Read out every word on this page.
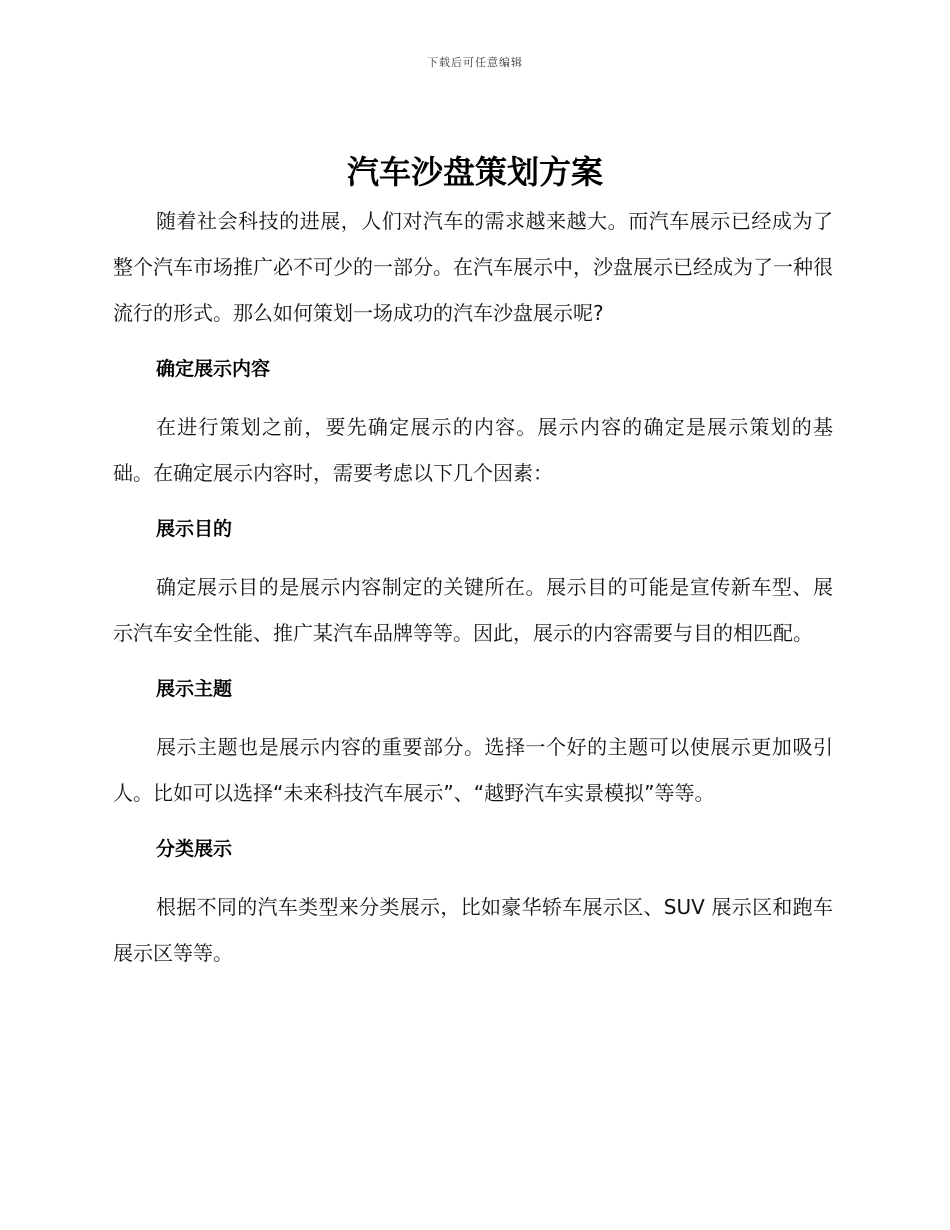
下载后可任意编辑
汽车沙盘策划方案

随着社会科技的进展，人们对汽车的需求越来越大。而汽车展示已经成为了整个汽车市场推广必不可少的一部分。在汽车展示中，沙盘展示已经成为了一种很流行的形式。那么如何策划一场成功的汽车沙盘展示呢?

确定展示内容

在进行策划之前，要先确定展示的内容。展示内容的确定是展示策划的基础。在确定展示内容时，需要考虑以下几个因素：

展示目的

确定展示目的是展示内容制定的关键所在。展示目的可能是宣传新车型、展示汽车安全性能、推广某汽车品牌等等。因此，展示的内容需要与目的相匹配。

展示主题

展示主题也是展示内容的重要部分。选择一个好的主题可以使展示更加吸引人。比如可以选择“未来科技汽车展示”、“越野汽车实景模拟”等等。

分类展示

根据不同的汽车类型来分类展示，比如豪华轿车展示区、SUV 展示区和跑车展示区等等。
